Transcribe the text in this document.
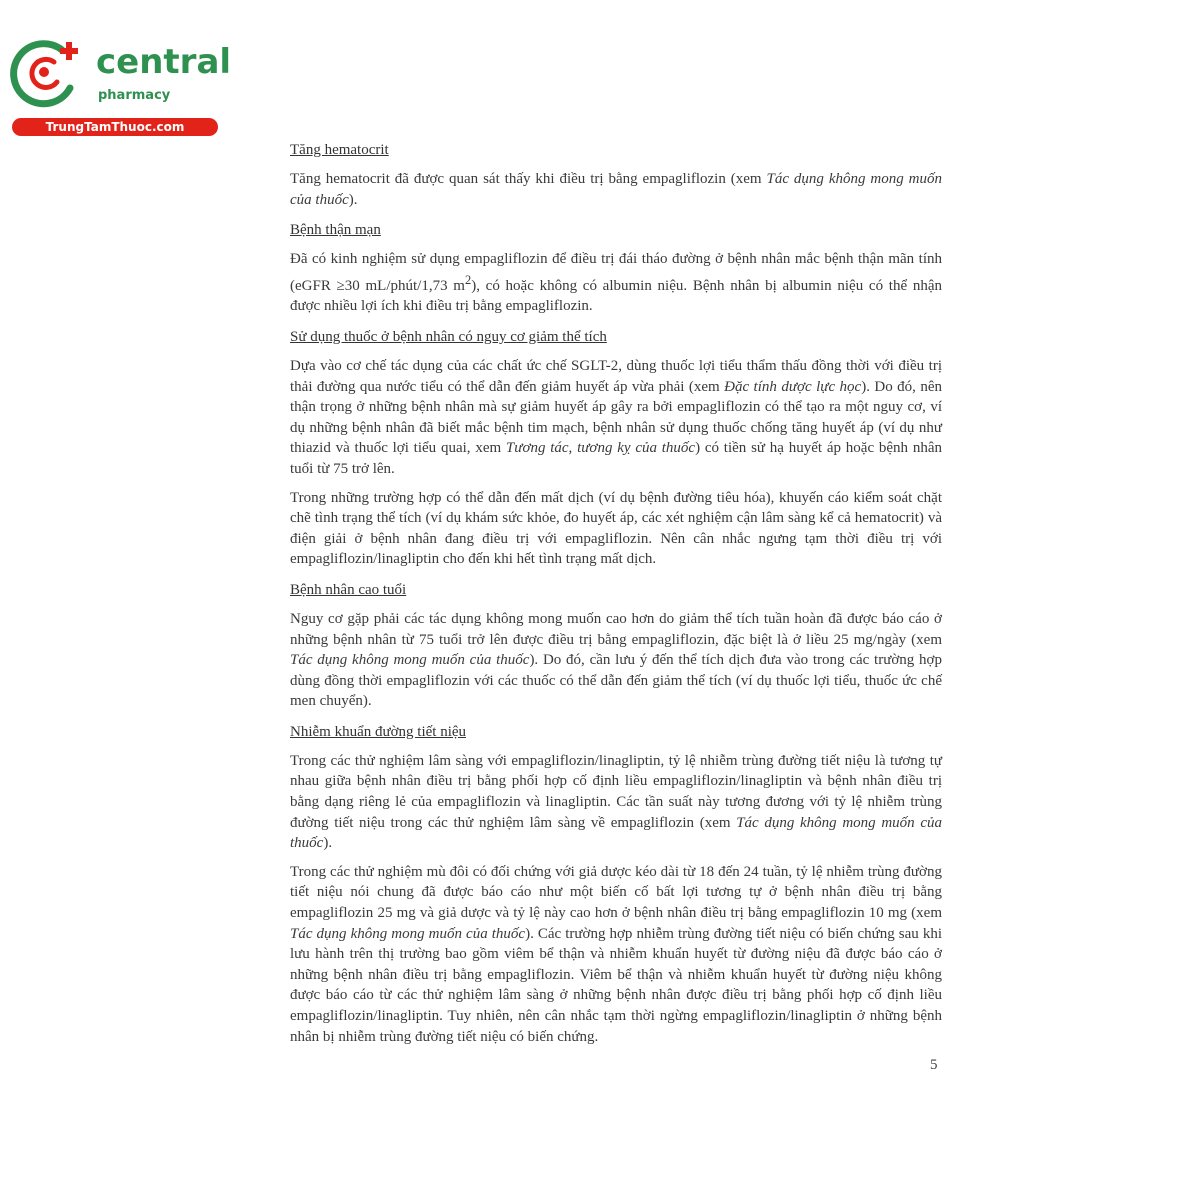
central
pharmacy
TrungTamThuoc.com
Tăng hematocrit

Tăng hematocrit đã được quan sát thấy khi điều trị bằng empagliflozin (xem Tác dụng không mong muốn của thuốc).

Bệnh thận mạn

Đã có kinh nghiệm sử dụng empagliflozin để điều trị đái tháo đường ở bệnh nhân mắc bệnh thận mãn tính (eGFR ≥30 mL/phút/1,73 $m^2$), có hoặc không có albumin niệu. Bệnh nhân bị albumin niệu có thể nhận được nhiều lợi ích khi điều trị bằng empagliflozin.

Sử dụng thuốc ở bệnh nhân có nguy cơ giảm thể tích

Dựa vào cơ chế tác dụng của các chất ức chế SGLT-2, dùng thuốc lợi tiểu thẩm thấu đồng thời với điều trị thải đường qua nước tiểu có thể dẫn đến giảm huyết áp vừa phải (xem Đặc tính dược lực học). Do đó, nên thận trọng ở những bệnh nhân mà sự giảm huyết áp gây ra bởi empagliflozin có thể tạo ra một nguy cơ, ví dụ những bệnh nhân đã biết mắc bệnh tim mạch, bệnh nhân sử dụng thuốc chống tăng huyết áp (ví dụ như thiazid và thuốc lợi tiểu quai, xem Tương tác, tương kỵ của thuốc) có tiền sử hạ huyết áp hoặc bệnh nhân tuổi từ 75 trở lên.

Trong những trường hợp có thể dẫn đến mất dịch (ví dụ bệnh đường tiêu hóa), khuyến cáo kiểm soát chặt chẽ tình trạng thể tích (ví dụ khám sức khỏe, đo huyết áp, các xét nghiệm cận lâm sàng kể cả hematocrit) và điện giải ở bệnh nhân đang điều trị với empagliflozin. Nên cân nhắc ngưng tạm thời điều trị với empagliflozin/linagliptin cho đến khi hết tình trạng mất dịch.

Bệnh nhân cao tuổi

Nguy cơ gặp phải các tác dụng không mong muốn cao hơn do giảm thể tích tuần hoàn đã được báo cáo ở những bệnh nhân từ 75 tuổi trở lên được điều trị bằng empagliflozin, đặc biệt là ở liều 25 mg/ngày (xem Tác dụng không mong muốn của thuốc). Do đó, cần lưu ý đến thể tích dịch đưa vào trong các trường hợp dùng đồng thời empagliflozin với các thuốc có thể dẫn đến giảm thể tích (ví dụ thuốc lợi tiểu, thuốc ức chế men chuyển).

Nhiễm khuẩn đường tiết niệu

Trong các thử nghiệm lâm sàng với empagliflozin/linagliptin, tỷ lệ nhiễm trùng đường tiết niệu là tương tự nhau giữa bệnh nhân điều trị bằng phối hợp cố định liều empagliflozin/linagliptin và bệnh nhân điều trị bằng dạng riêng lẻ của empagliflozin và linagliptin. Các tần suất này tương đương với tỷ lệ nhiễm trùng đường tiết niệu trong các thử nghiệm lâm sàng về empagliflozin (xem Tác dụng không mong muốn của thuốc).

Trong các thử nghiệm mù đôi có đối chứng với giả dược kéo dài từ 18 đến 24 tuần, tỷ lệ nhiễm trùng đường tiết niệu nói chung đã được báo cáo như một biến cố bất lợi tương tự ở bệnh nhân điều trị bằng empagliflozin 25 mg và giả dược và tỷ lệ này cao hơn ở bệnh nhân điều trị bằng empagliflozin 10 mg (xem Tác dụng không mong muốn của thuốc). Các trường hợp nhiễm trùng đường tiết niệu có biến chứng sau khi lưu hành trên thị trường bao gồm viêm bể thận và nhiễm khuẩn huyết từ đường niệu đã được báo cáo ở những bệnh nhân điều trị bằng empagliflozin. Viêm bể thận và nhiễm khuẩn huyết từ đường niệu không được báo cáo từ các thử nghiệm lâm sàng ở những bệnh nhân được điều trị bằng phối hợp cố định liều empagliflozin/linagliptin. Tuy nhiên, nên cân nhắc tạm thời ngừng empagliflozin/linagliptin ở những bệnh nhân bị nhiễm trùng đường tiết niệu có biến chứng.

5
